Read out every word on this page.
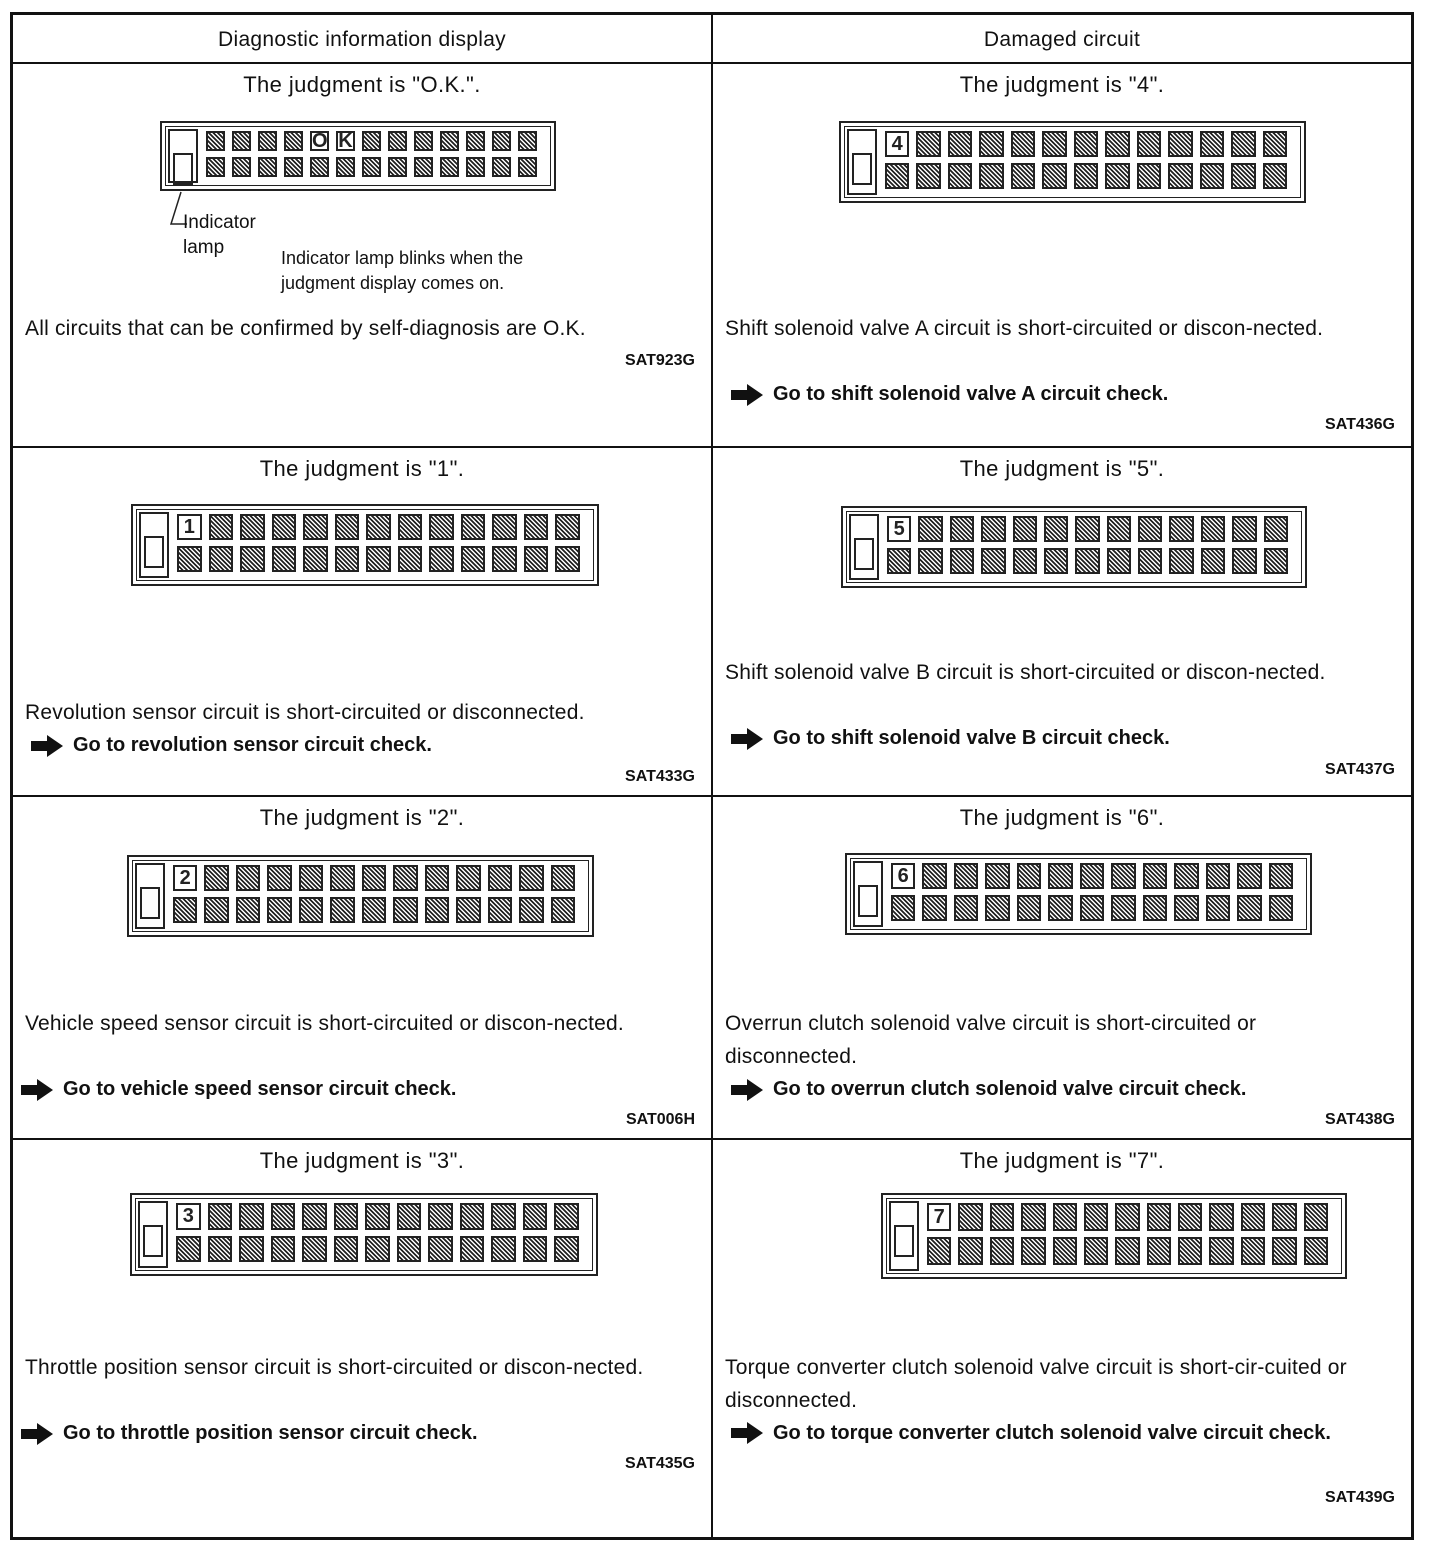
Diagnostic information display	Damaged circuit
The judgment is "O.K.".
O K
Indicator lamp	Indicator lamp blinks when the judgment display comes on.
All circuits that can be confirmed by self-diagnosis are O.K.
SAT923G
The judgment is "4".
4
Shift solenoid valve A circuit is short-circuited or discon-nected.
Go to shift solenoid valve A circuit check.
SAT436G
The judgment is "1".
1
Revolution sensor circuit is short-circuited or disconnected.
Go to revolution sensor circuit check.
SAT433G
The judgment is "5".
5
Shift solenoid valve B circuit is short-circuited or discon-nected.
Go to shift solenoid valve B circuit check.
SAT437G
The judgment is "2".
2
Vehicle speed sensor circuit is short-circuited or discon-nected.
Go to vehicle speed sensor circuit check.
SAT006H
The judgment is "6".
6
Overrun clutch solenoid valve circuit is short-circuited or disconnected.
Go to overrun clutch solenoid valve circuit check.
SAT438G
The judgment is "3".
3
Throttle position sensor circuit is short-circuited or discon-nected.
Go to throttle position sensor circuit check.
SAT435G
The judgment is "7".
7
Torque converter clutch solenoid valve circuit is short-cir-cuited or disconnected.
Go to torque converter clutch solenoid valve circuit check.
SAT439G
